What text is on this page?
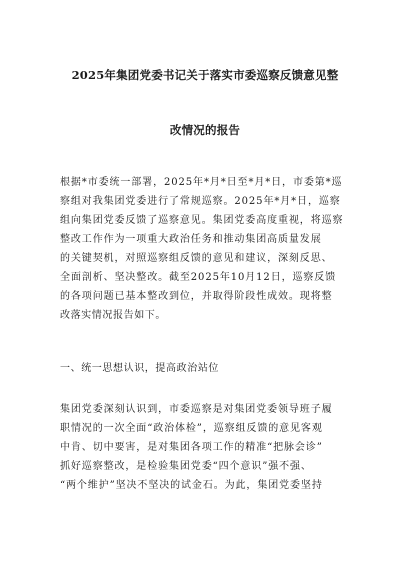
2025年集团党委书记关于落实市委巡察反馈意见整
改情况的报告
根据*市委统一部署，2025年*月*日至*月*日，市委第*巡
察组对我集团党委进行了常规巡察。2025年*月*日，巡察
组向集团党委反馈了巡察意见。集团党委高度重视，将巡察
整改工作作为一项重大政治任务和推动集团高质量发展
的关键契机，对照巡察组反馈的意见和建议，深刻反思、
全面剖析、坚决整改。截至2025年10月12日，巡察反馈
的各项问题已基本整改到位，并取得阶段性成效。现将整
改落实情况报告如下。
一、统一思想认识，提高政治站位
集团党委深刻认识到，市委巡察是对集团党委领导班子履
职情况的一次全面“政治体检”，巡察组反馈的意见客观
中肯、切中要害，是对集团各项工作的精准“把脉会诊”
抓好巡察整改，是检验集团党委“四个意识”强不强、
“两个维护”坚决不坚决的试金石。为此，集团党委坚持
